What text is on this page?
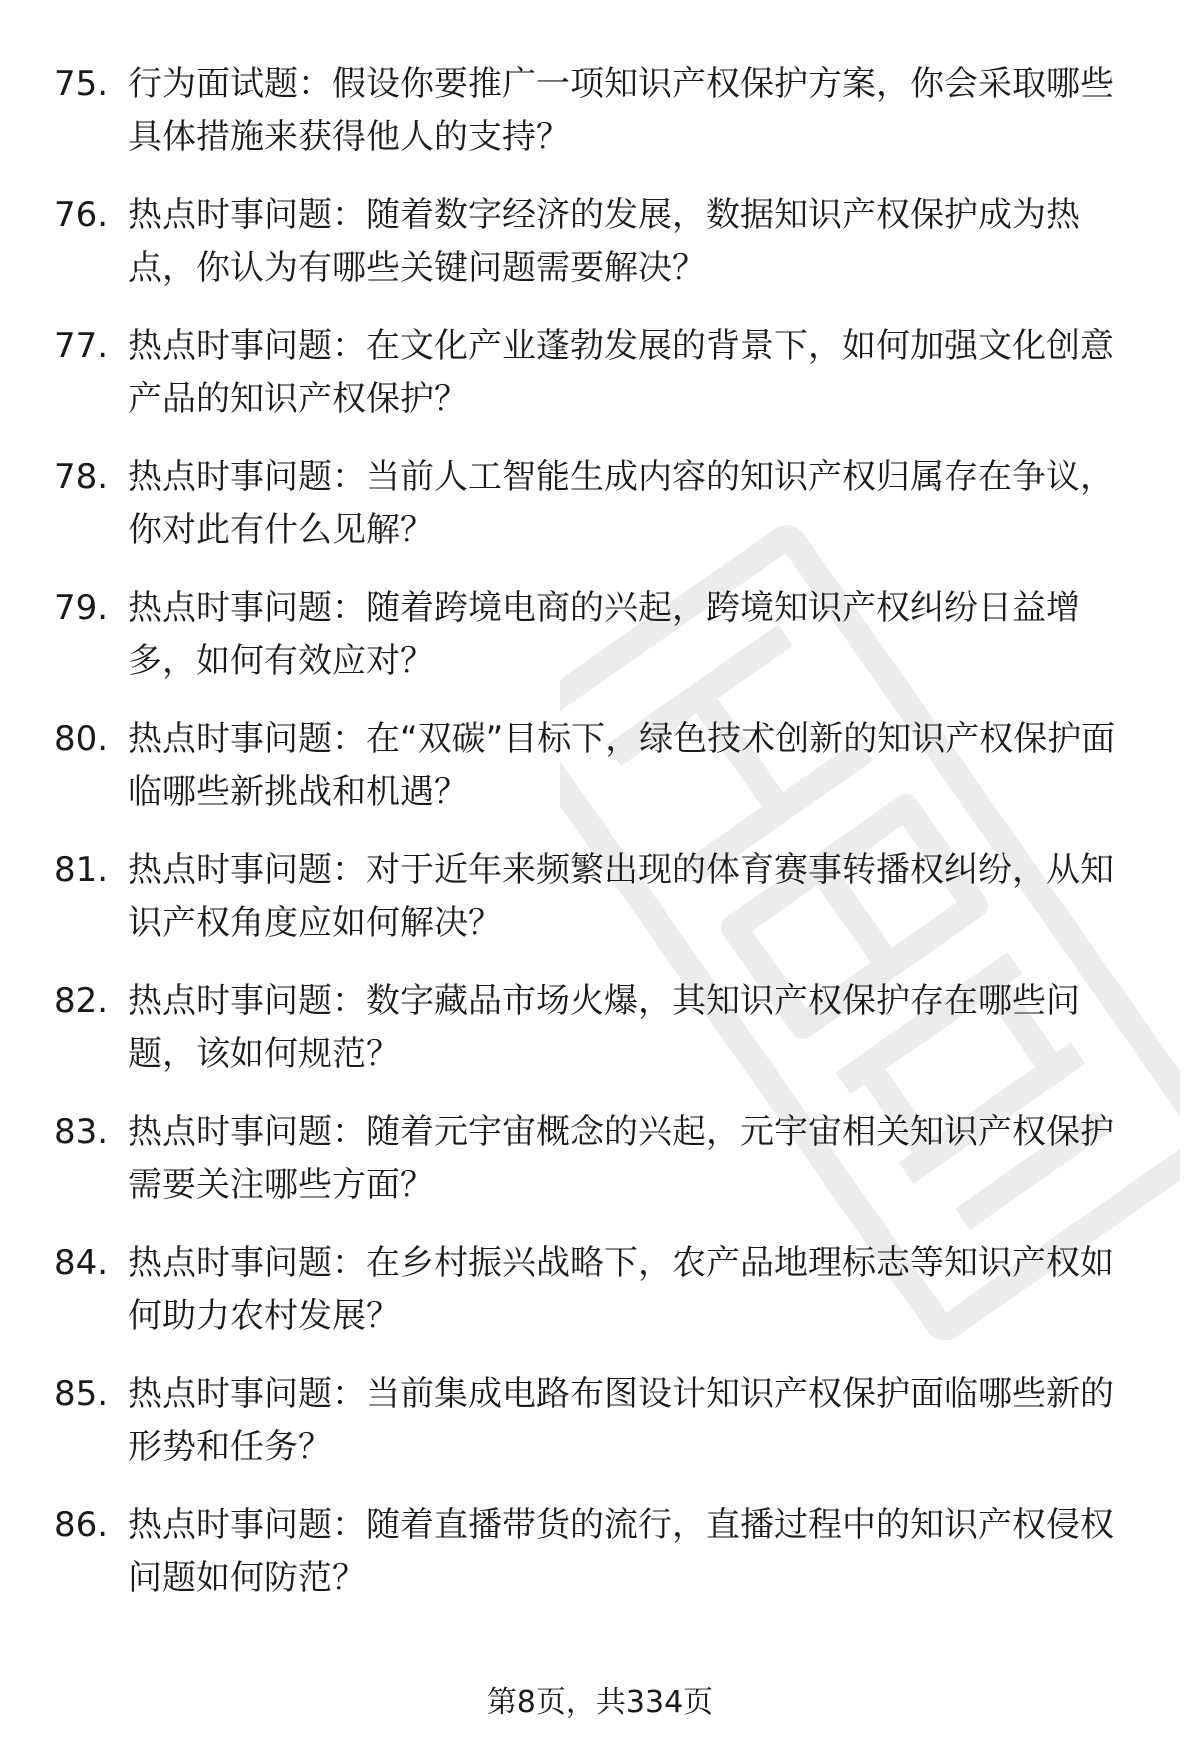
75. 行为面试题：假设你要推广一项知识产权保护方案，你会采取哪些具体措施来获得他人的支持？
76. 热点时事问题：随着数字经济的发展，数据知识产权保护成为热点，你认为有哪些关键问题需要解决？
77. 热点时事问题：在文化产业蓬勃发展的背景下，如何加强文化创意产品的知识产权保护？
78. 热点时事问题：当前人工智能生成内容的知识产权归属存在争议，你对此有什么见解？
79. 热点时事问题：随着跨境电商的兴起，跨境知识产权纠纷日益增多，如何有效应对？
80. 热点时事问题：在“双碳”目标下，绿色技术创新的知识产权保护面临哪些新挑战和机遇？
81. 热点时事问题：对于近年来频繁出现的体育赛事转播权纠纷，从知识产权角度应如何解决？
82. 热点时事问题：数字藏品市场火爆，其知识产权保护存在哪些问题，该如何规范？
83. 热点时事问题：随着元宇宙概念的兴起，元宇宙相关知识产权保护需要关注哪些方面？
84. 热点时事问题：在乡村振兴战略下，农产品地理标志等知识产权如何助力农村发展？
85. 热点时事问题：当前集成电路布图设计知识产权保护面临哪些新的形势和任务？
86. 热点时事问题：随着直播带货的流行，直播过程中的知识产权侵权问题如何防范？
第8页，共334页
